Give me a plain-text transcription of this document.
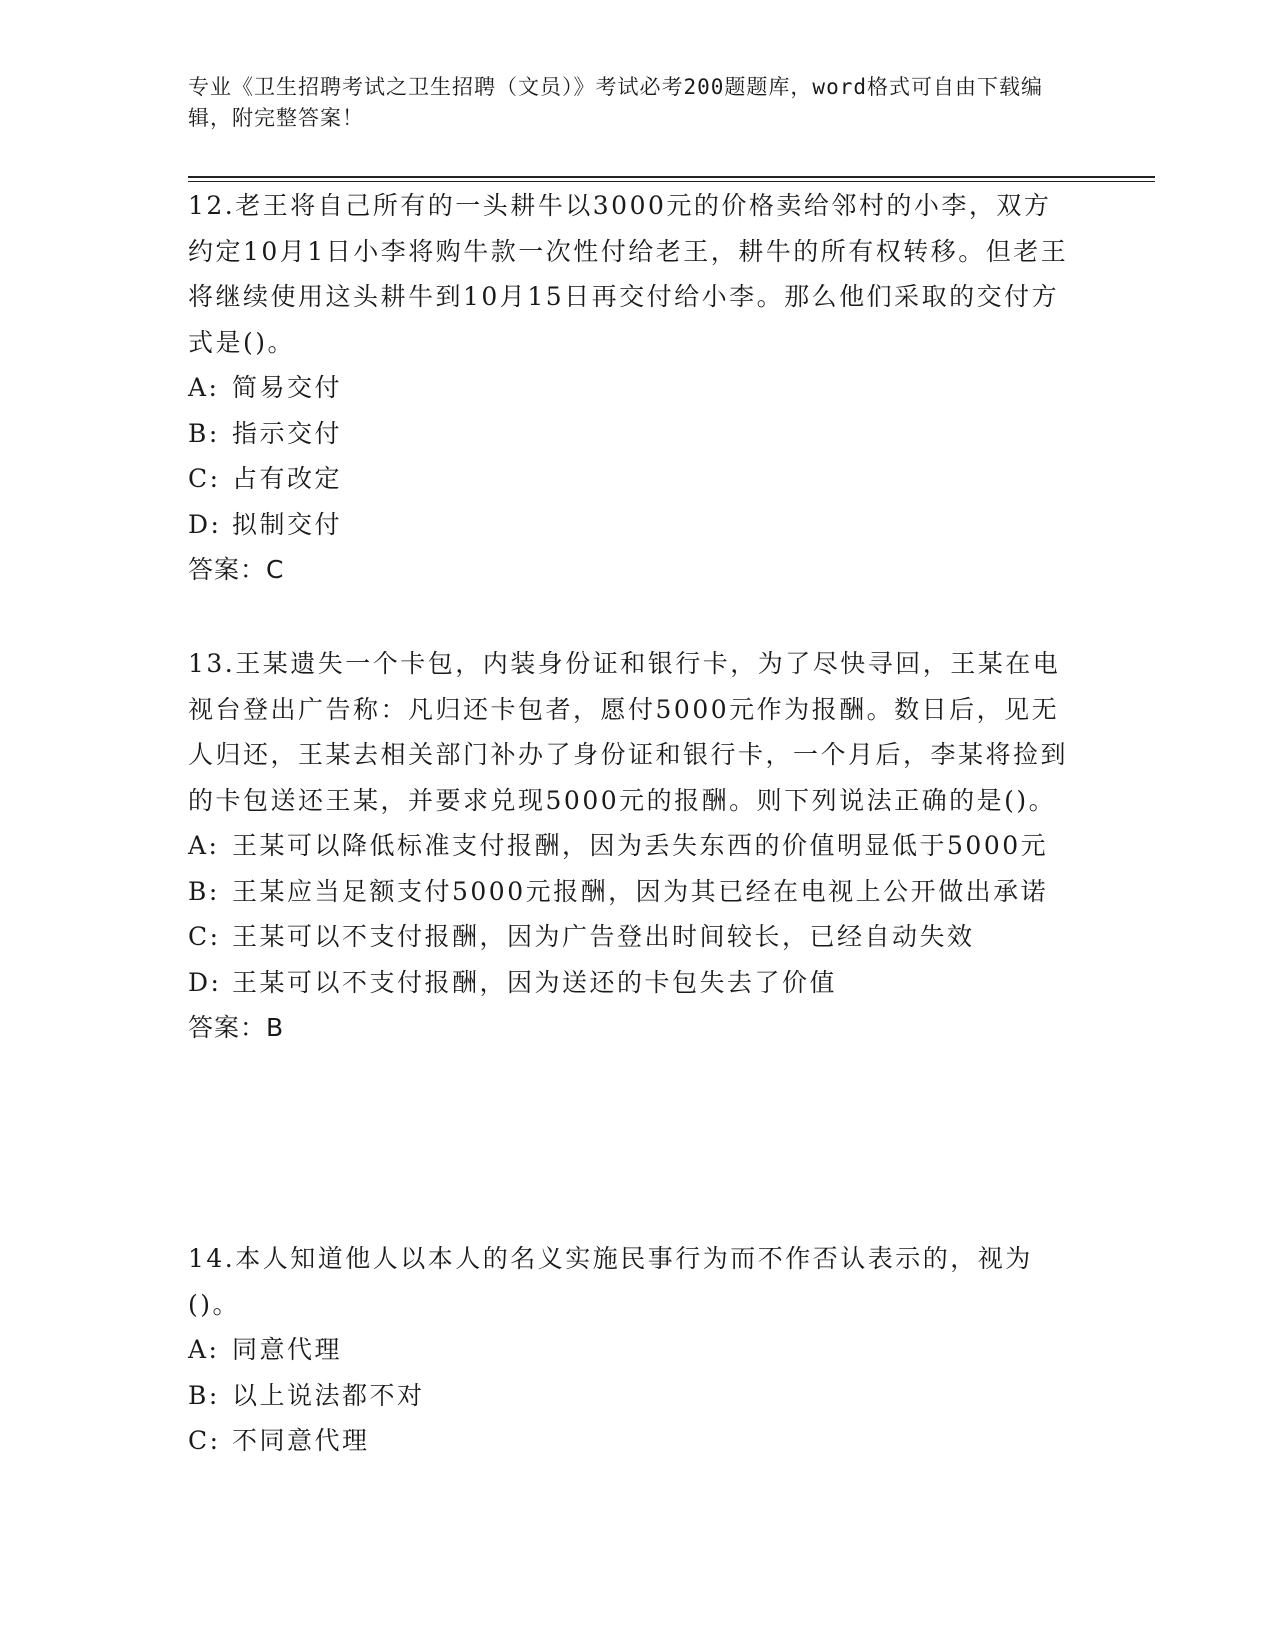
专业《卫生招聘考试之卫生招聘（文员）》考试必考200题题库，word格式可自由下载编辑，附完整答案！

12.老王将自己所有的一头耕牛以3000元的价格卖给邻村的小李，双方约定10月1日小李将购牛款一次性付给老王，耕牛的所有权转移。但老王将继续使用这头耕牛到10月15日再交付给小李。那么他们采取的交付方式是()。

A: 简易交付

B: 指示交付

C: 占有改定

D: 拟制交付

答案：C

13.王某遗失一个卡包，内装身份证和银行卡，为了尽快寻回，王某在电视台登出广告称：凡归还卡包者，愿付5000元作为报酬。数日后，见无人归还，王某去相关部门补办了身份证和银行卡，一个月后，李某将捡到的卡包送还王某，并要求兑现5000元的报酬。则下列说法正确的是()。

A: 王某可以降低标准支付报酬，因为丢失东西的价值明显低于5000元

B: 王某应当足额支付5000元报酬，因为其已经在电视上公开做出承诺

C: 王某可以不支付报酬，因为广告登出时间较长，已经自动失效

D: 王某可以不支付报酬，因为送还的卡包失去了价值

答案：B

14.本人知道他人以本人的名义实施民事行为而不作否认表示的，视为()。

A: 同意代理

B: 以上说法都不对

C: 不同意代理
